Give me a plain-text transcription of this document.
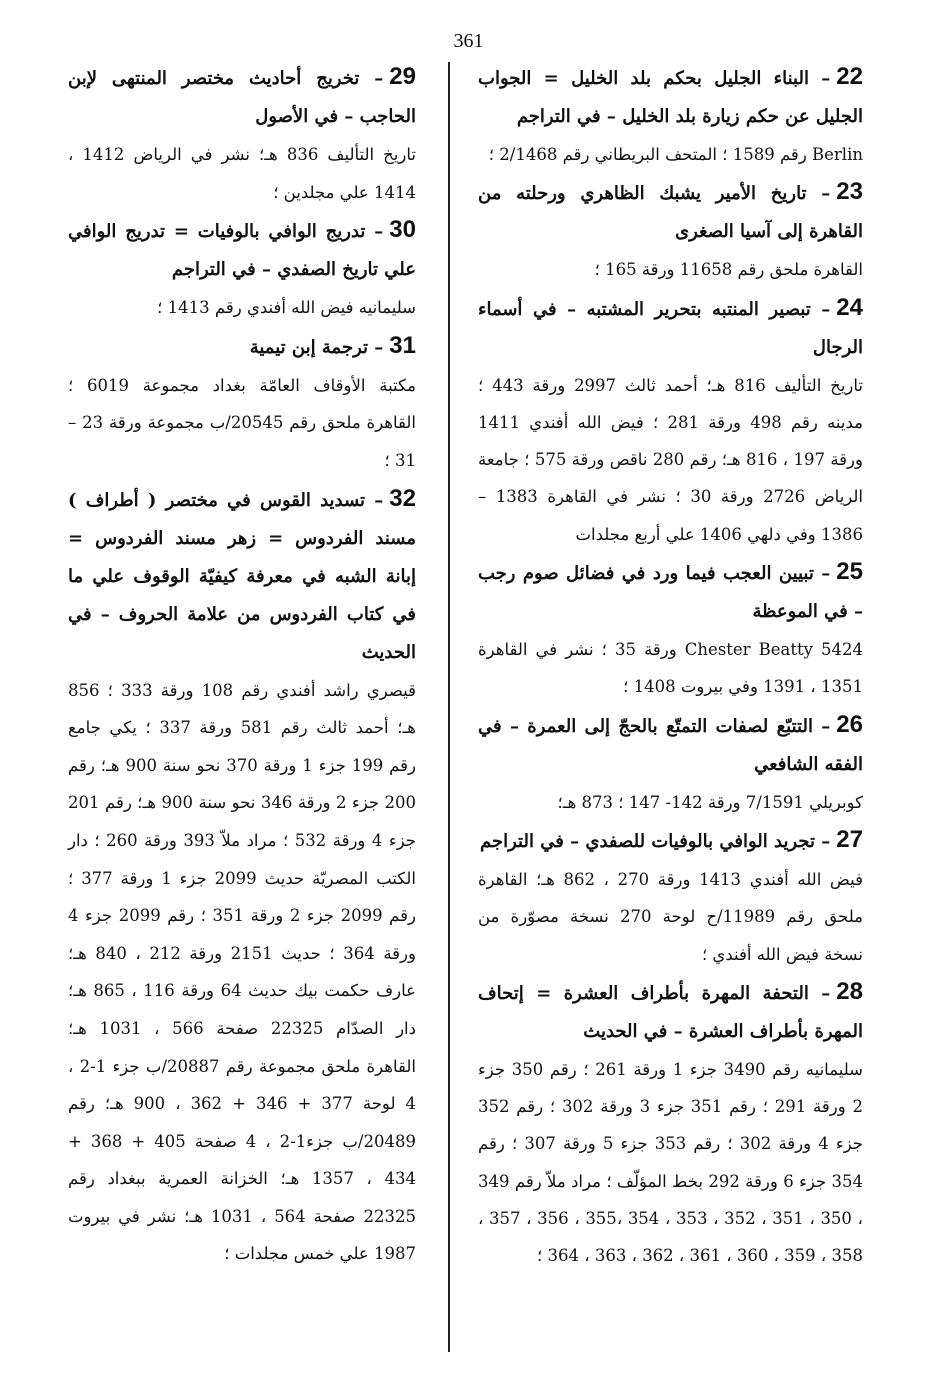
361

22– البناء الجليل بحكم بلد الخليل = الجواب الجليل عن حكم زيارة بلد الخليل – في التراجم

Berlin رقم 1589 ؛ المتحف البريطاني رقم 2/1468 ؛

23– تاريخ الأمير يشبك الظاهري ورحلته من القاهرة إلى آسيا الصغرى

القاهرة ملحق رقم 11658 ورقة 165 ؛

24– تبصير المنتبه بتحرير المشتبه – في أسماء الرجال

تاريخ التأليف 816 هـ؛ أحمد ثالث 2997 ورقة 443 ؛ مدينه رقم 498 ورقة 281 ؛ فيض الله أفندي 1411 ورقة 197 ، 816 هـ؛ رقم 280 ناقص ورقة 575 ؛ جامعة الرياض 2726 ورقة 30 ؛ نشر في القاهرة 1383 – 1386 وفي دلهي 1406 علي أربع مجلدات

25– تبيين العجب فيما ورد في فضائل صوم رجب – في الموعظة

Chester Beatty 5424 ورقة 35 ؛ نشر في القاهرة 1351 ، 1391 وفي بيروت 1408 ؛

26– التتبّع لصفات التمتّع بالحجّ إلى العمرة – في الفقه الشافعي

كوبريلي 7/1591 ورقة 142- 147 ؛ 873 هـ؛

27– تجريد الوافي بالوفيات للصفدي – في التراجم

فيض الله أفندي 1413 ورقة 270 ، 862 هـ؛ القاهرة ملحق رقم 11989/ح لوحة 270 نسخة مصوّرة من نسخة فيض الله أفندي ؛

28– التحفة المهرة بأطراف العشرة = إتحاف المهرة بأطراف العشرة – في الحديث

سليمانيه رقم 3490 جزء 1 ورقة 261 ؛ رقم 350 جزء 2 ورقة 291 ؛ رقم 351 جزء 3 ورقة 302 ؛ رقم 352 جزء 4 ورقة 302 ؛ رقم 353 جزء 5 ورقة 307 ؛ رقم 354 جزء 6 ورقة 292 بخط المؤلّف ؛ مراد ملاّ رقم 349 ، 350 ، 351 ، 352 ، 353 ، 354 ،355 ، 356 ، 357 ، 358 ، 359 ، 360 ، 361 ، 362 ، 363 ، 364 ؛

29– تخريج أحاديث مختصر المنتهى لإبن الحاجب – في الأصول

تاريخ التأليف 836 هـ؛ نشر في الرياض 1412 ، 1414 علي مجلدين ؛

30– تدريج الوافي بالوفيات = تدريج الوافي علي تاريخ الصفدي – في التراجم

سليمانيه فيض الله أفندي رقم 1413 ؛

31– ترجمة إبن تيمية

مكتبة الأوقاف العامّة بغداد مجموعة 6019 ؛ القاهرة ملحق رقم 20545/ب مجموعة ورقة 23 – 31 ؛

32– تسديد القوس في مختصر ( أطراف ) مسند الفردوس = زهر مسند الفردوس = إبانة الشبه في معرفة كيفيّة الوقوف علي ما في كتاب الفردوس من علامة الحروف – في الحديث

قيصري راشد أفندي رقم 108 ورقة 333 ؛ 856 هـ؛ أحمد ثالث رقم 581 ورقة 337 ؛ يكي جامع رقم 199 جزء 1 ورقة 370 نحو سنة 900 هـ؛ رقم 200 جزء 2 ورقة 346 نحو سنة 900 هـ؛ رقم 201 جزء 4 ورقة 532 ؛ مراد ملاّ 393 ورقة 260 ؛ دار الكتب المصريّة حديث 2099 جزء 1 ورقة 377 ؛ رقم 2099 جزء 2 ورقة 351 ؛ رقم 2099 جزء 4 ورقة 364 ؛ حديث 2151 ورقة 212 ، 840 هـ؛ عارف حكمت بيك حديث 64 ورقة 116 ، 865 هـ؛ دار الصدّام 22325 صفحة 566 ، 1031 هـ؛ القاهرة ملحق مجموعة رقم 20887/ب جزء 1-2 ، 4 لوحة 377 + 346 + 362 ، 900 هـ؛ رقم 20489/ب جزء1-2 ، 4 صفحة 405 + 368 + 434 ، 1357 هـ؛ الخزانة العمرية ببغداد رقم 22325 صفحة 564 ، 1031 هـ؛ نشر في بيروت 1987 علي خمس مجلدات ؛
